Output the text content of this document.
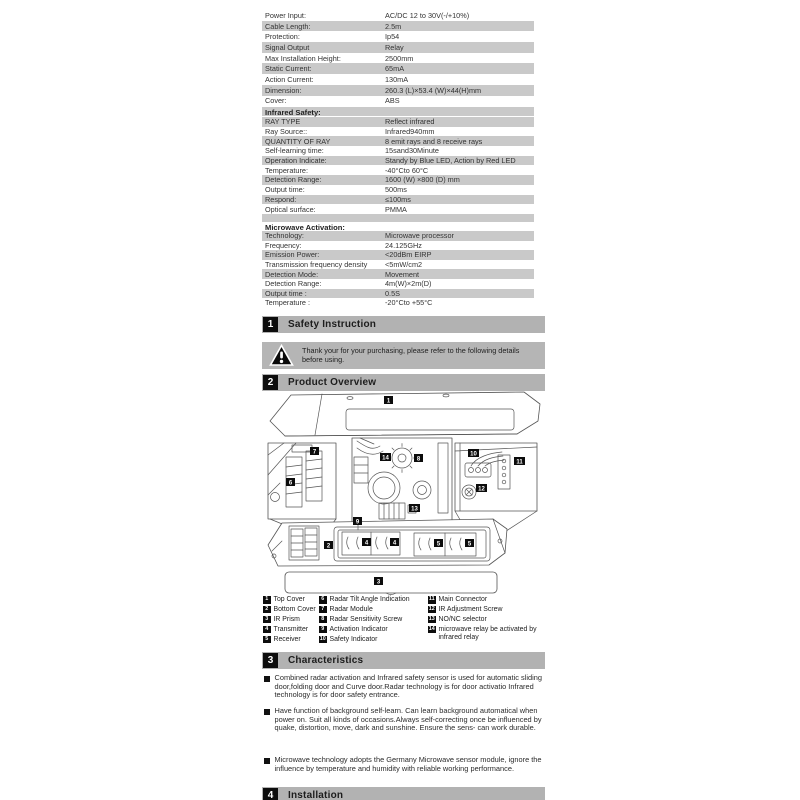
Power Input:	AC/DC 12 to 30V(-/+10%)
Cable Length:	2.5m
Protection:	Ip54
Signal Output	Relay
Max Installation Height:	2500mm
Static Current:	65mA
Action Current:	130mA
Dimension:	260.3 (L)×53.4 (W)×44(H)mm
Cover:	ABS
Infrared Safety:
RAY TYPE	Reflect infrared
Ray Source::	Infrared940mm
QUANTITY OF RAY	8 emit rays and 8 receive rays
Self-learning time:	15sand30Minute
Operation Indicate:	Standy by Blue LED, Action by Red LED
Temperature:	-40°Cto 60°C
Detection Range:	1600 (W) ×800 (D) mm
Output time:	500ms
Respond:	≤100ms
Optical surface:	PMMA
Microwave Activation:
Technology:	Microwave processor
Frequency:	24.125GHz
Emission Power:	<20dBm EIRP
Transmission frequency density	<5mW/cm2
Detection Mode:	Movement
Detection Range:	4m(W)×2m(D)
Output time :	0.5S
Temperature :	-20°Cto +55°C
1	Safety Instruction
Thank your for your purchasing, please refer to the following details before using.
2	Product Overview
1
7
6
14	8
13
10
11
12
9
2	4	4	5	5
3
1 Top Cover
2 Bottom Cover
3 IR Prism
4 Transmitter
5 Receiver
6 Radar Tilt Angle Indication
7 Radar Module
8 Radar Sensitivity Screw
9 Activation Indicator
10 Safety Indicator
11 Main Connector
12 IR Adjustment Screw
13 NO/NC selector
14 microwave relay be activated by infrared relay
3	Characteristics
Combined radar activation and Infrared safety sensor is used for automatic sliding door,folding door and Curve door.Radar technology is for door activatio Infrared technology is for door safety entrance.
Have function of background self-learn. Can learn background automatical when power on. Suit all kinds of occasions.Always self-correcting once be influenced by quake, distortion, move, dark and sunshine. Ensure the sens- can work durable.
Microwave technology adopts the Germany Microwave sensor module, ignore the influence by temperature and humidity with reliable working performance.
4	Installation
